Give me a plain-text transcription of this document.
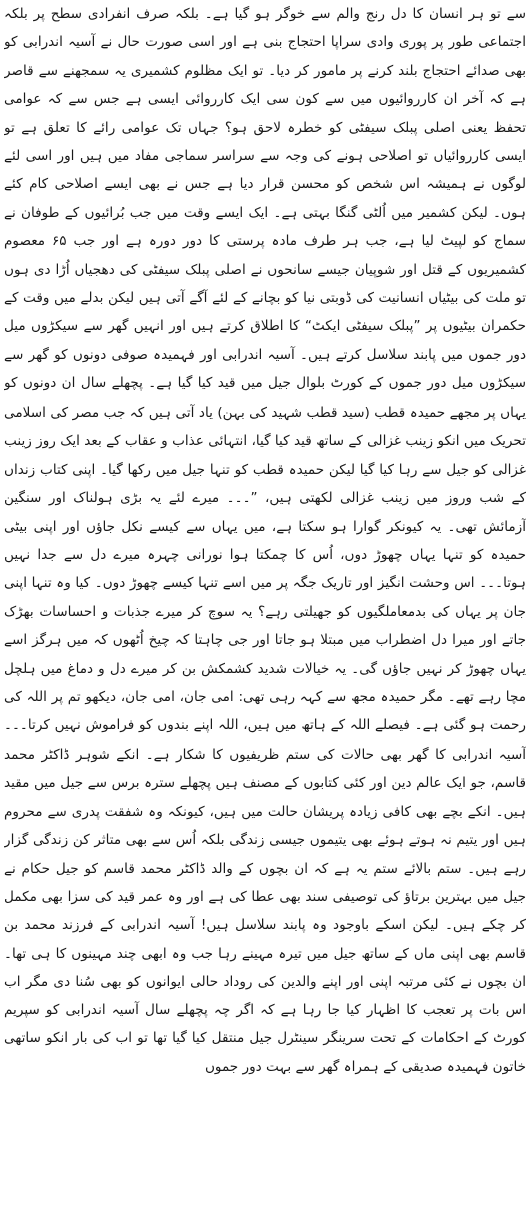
سے تو ہر انسان کا دل رنج والم سے خوگر ہو گیا ہے۔ بلکہ صرف انفرادی سطح پر بلکہ اجتماعی طور پر پوری وادی سراپا احتجاج بنی ہے اور اسی صورت حال نے آسیہ اندرابی کو بھی صدائے احتجاج بلند کرنے پر مامور کر دیا۔ تو ایک مظلوم کشمیری یہ سمجھنے سے قاصر ہے کہ آخر ان کارروائیوں میں سے کون سی ایک کارروائی ایسی ہے جس سے کہ عوامی تحفظ یعنی اصلی پبلک سیفٹی کو خطرہ لاحق ہو؟ جہاں تک عوامی رائے کا تعلق ہے تو ایسی کارروائیاں تو اصلاحی ہونے کی وجہ سے سراسر سماجی مفاد میں ہیں اور اسی لئے لوگوں نے ہمیشہ اس شخص کو محسن قرار دیا ہے جس نے بھی ایسے اصلاحی کام کئے ہوں۔ لیکن کشمیر میں اُلٹی گنگا بہتی ہے۔ ایک ایسے وقت میں جب بُرائیوں کے طوفان نے سماج کو لپیٹ لیا ہے، جب ہر طرف مادہ پرستی کا دور دورہ ہے اور جب ۶۵ معصوم کشمیریوں کے قتل اور شوپیان جیسے سانحوں نے اصلی پبلک سیفٹی کی دھجیاں اُڑا دی ہوں تو ملت کی بیٹیاں انسانیت کی ڈوبتی نیا کو بچانے کے لئے آگے آتی ہیں لیکن بدلے میں وقت کے حکمران بیٹیوں پر ”پبلک سیفٹی ایکٹ“ کا اطلاق کرتے ہیں اور انہیں گھر سے سیکڑوں میل دور جموں میں پابند سلاسل کرتے ہیں۔ آسیہ اندرابی اور فہمیدہ صوفی دونوں کو گھر سے سیکڑوں میل دور جموں کے کورٹ بلوال جیل میں قید کیا گیا ہے۔ پچھلے سال ان دونوں کو

یہاں پر مجھے حمیدہ قطب (سید قطب شہید کی بہن) یاد آتی ہیں کہ جب مصر کی اسلامی تحریک میں انکو زینب غزالی کے ساتھ قید کیا گیا، انتہائی عذاب و عقاب کے بعد ایک روز زینب غزالی کو جیل سے رہا کیا گیا لیکن حمیدہ قطب کو تنہا جیل میں رکھا گیا۔ اپنی کتاب زنداں کے شب وروز میں زینب غزالی لکھتی ہیں، ”۔۔۔ میرے لئے یہ بڑی ہولناک اور سنگین آزمائش تھی۔ یہ کیونکر گوارا ہو سکتا ہے، میں یہاں سے کیسے نکل جاؤں اور اپنی بیٹی حمیدہ کو تنہا یہاں چھوڑ دوں، اُس کا چمکتا ہوا نورانی چہرہ میرے دل سے جدا نہیں ہوتا۔۔۔ اس وحشت انگیز اور تاریک جگہ پر میں اسے تنہا کیسے چھوڑ دوں۔ کیا وہ تنہا اپنی جان پر یہاں کی بدمعاملگیوں کو جھیلتی رہے؟ یہ سوچ کر میرے جذبات و احساسات بھڑک جاتے اور میرا دل اضطراب میں مبتلا ہو جاتا اور جی چاہتا کہ چیخ اُٹھوں کہ میں ہرگز اسے یہاں چھوڑ کر نہیں جاؤں گی۔ یہ خیالات شدید کشمکش بن کر میرے دل و دماغ میں ہلچل مچا رہے تھے۔ مگر حمیدہ مجھ سے کہہ رہی تھی: امی جان، امی جان، دیکھو تم پر اللہ کی رحمت ہو گئی ہے۔ فیصلے اللہ کے ہاتھ میں ہیں، اللہ اپنے بندوں کو فراموش نہیں کرتا۔۔۔

آسیہ اندرابی کا گھر بھی حالات کی ستم ظریفیوں کا شکار ہے۔ انکے شوہر ڈاکٹر محمد قاسم، جو ایک عالم دین اور کئی کتابوں کے مصنف ہیں پچھلے سترہ برس سے جیل میں مقید ہیں۔ انکے بچے بھی کافی زیادہ پریشان حالت میں ہیں، کیونکہ وہ شفقت پدری سے محروم ہیں اور یتیم نہ ہوتے ہوئے بھی یتیموں جیسی زندگی بلکہ اُس سے بھی متاثر کن زندگی گزار رہے ہیں۔ ستم بالائے ستم یہ ہے کہ ان بچوں کے والد ڈاکٹر محمد قاسم کو جیل حکام نے جیل میں بہترین برتاؤ کی توصیفی سند بھی عطا کی ہے اور وہ عمر قید کی سزا بھی مکمل کر چکے ہیں۔ لیکن اسکے باوجود وہ پابند سلاسل ہیں! آسیہ اندرابی کے فرزند محمد بن قاسم بھی اپنی ماں کے ساتھ جیل میں تیرہ مہینے رہا جب وہ ابھی چند مہینوں کا ہی تھا۔ ان بچوں نے کئی مرتبہ اپنی اور اپنے والدین کی روداد حالی ایوانوں کو بھی سُنا دی مگر اب

اس بات پر تعجب کا اظہار کیا جا رہا ہے کہ اگر چہ پچھلے سال آسیہ اندرابی کو سپریم کورٹ کے احکامات کے تحت سرینگر سینٹرل جیل منتقل کیا گیا تھا تو اب کی بار انکو ساتھی خاتون فہمیدہ صدیقی کے ہمراہ گھر سے بہت دور جموں
